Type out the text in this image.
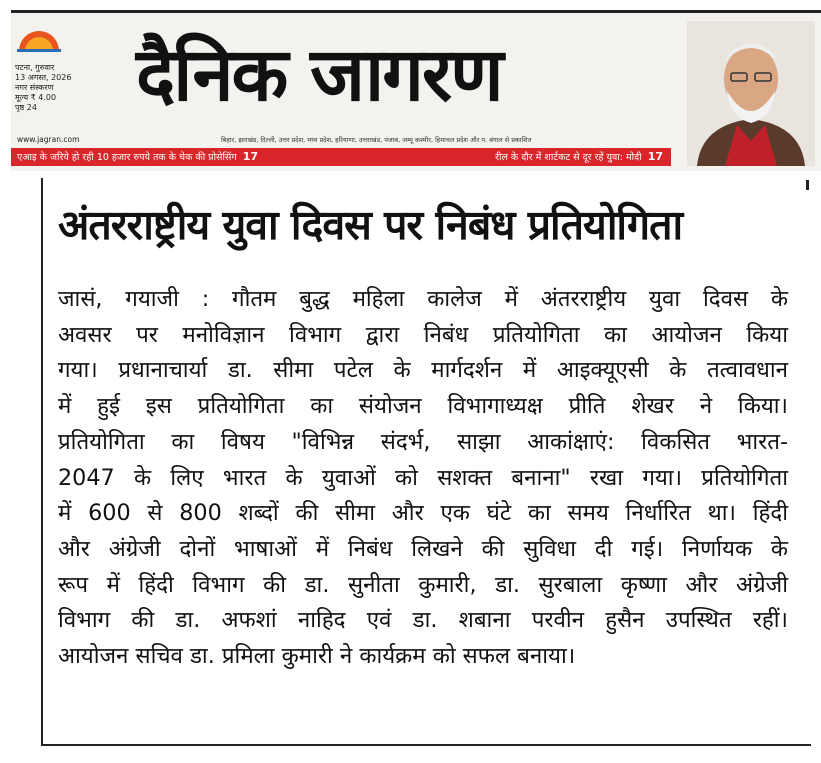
पटना, गुरुवार
13 अगस्त, 2026
नगर संस्करण
मूल्य ₹ 4.00
पृष्ठ 24	दैनिक जागरण
www.jagran.com	बिहार, झारखंड, दिल्ली, उत्तर प्रदेश, मध्य प्रदेश, हरियाणा, उत्तराखंड, पंजाब, जम्मू कश्मीर, हिमाचल प्रदेश और प. बंगाल से प्रकाशित
एआइ के जरिये हो रही 10 हजार रुपये तक के चेक की प्रोसेसिंग 17	रील के दौर में शार्टकट से दूर रहें युवा: मोदी 17
अंतरराष्ट्रीय युवा दिवस पर निबंध प्रतियोगिता
जासं, गयाजी : गौतम बुद्ध महिला कालेज में अंतरराष्ट्रीय युवा दिवस के
अवसर पर मनोविज्ञान विभाग द्वारा निबंध प्रतियोगिता का आयोजन किया
गया। प्रधानाचार्या डा. सीमा पटेल के मार्गदर्शन में आइक्यूएसी के तत्वावधान
में हुई इस प्रतियोगिता का संयोजन विभागाध्यक्ष प्रीति शेखर ने किया।
प्रतियोगिता का विषय "विभिन्न संदर्भ, साझा आकांक्षाएं: विकसित भारत-
2047 के लिए भारत के युवाओं को सशक्त बनाना" रखा गया। प्रतियोगिता
में 600 से 800 शब्दों की सीमा और एक घंटे का समय निर्धारित था। हिंदी
और अंग्रेजी दोनों भाषाओं में निबंध लिखने की सुविधा दी गई। निर्णायक के
रूप में हिंदी विभाग की डा. सुनीता कुमारी, डा. सुरबाला कृष्णा और अंग्रेजी
विभाग की डा. अफशां नाहिद एवं डा. शबाना परवीन हुसैन उपस्थित रहीं।
आयोजन सचिव डा. प्रमिला कुमारी ने कार्यक्रम को सफल बनाया।
